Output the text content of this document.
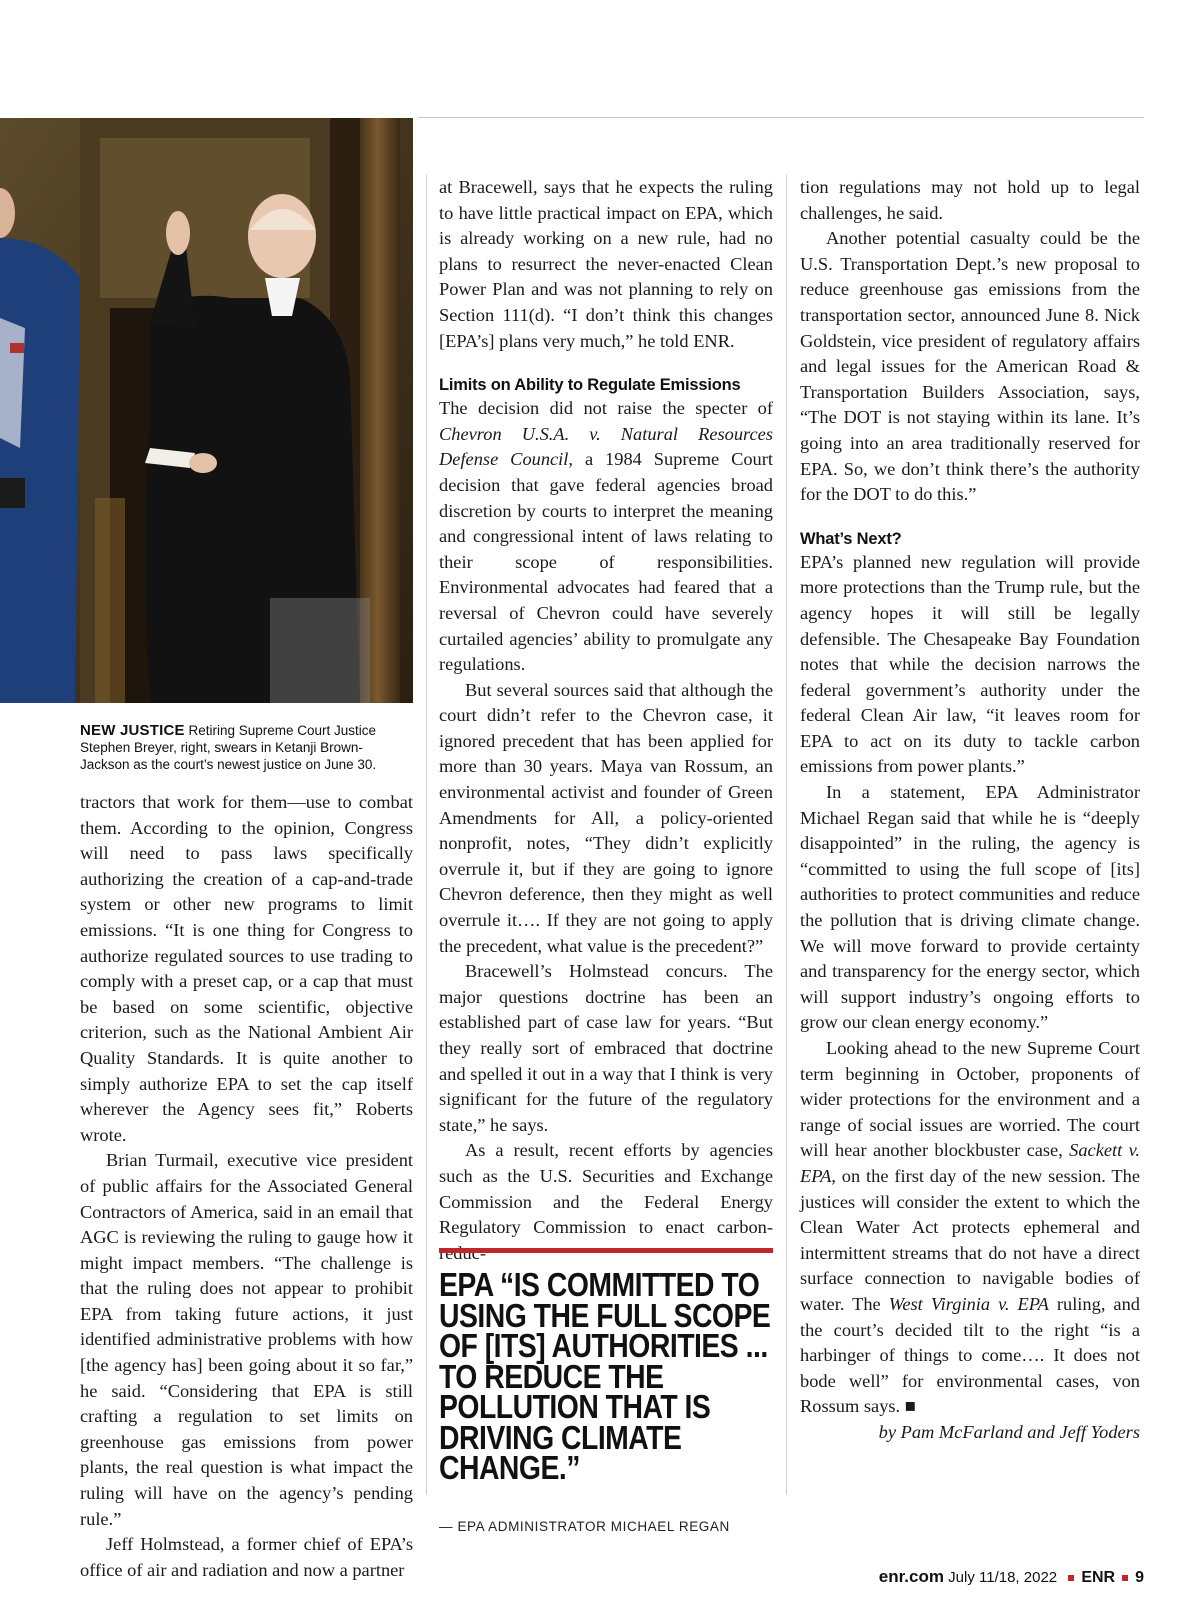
NEW JUSTICE Retiring Supreme Court Justice Stephen Breyer, right, swears in Ketanji Brown-Jackson as the court’s newest justice on June 30.

tractors that work for them—use to combat them. According to the opinion, Congress will need to pass laws specifically authorizing the creation of a cap-and-trade system or other new programs to limit emissions. “It is one thing for Congress to authorize regulated sources to use trading to comply with a preset cap, or a cap that must be based on some scientific, objective criterion, such as the National Ambient Air Quality Standards. It is quite another to simply authorize EPA to set the cap itself wherever the Agency sees fit,” Roberts wrote.

Brian Turmail, executive vice president of public affairs for the Associated General Contractors of America, said in an email that AGC is reviewing the ruling to gauge how it might impact members. “The challenge is that the ruling does not appear to prohibit EPA from taking future actions, it just identified administrative problems with how [the agency has] been going about it so far,” he said. “Considering that EPA is still crafting a regulation to set limits on greenhouse gas emissions from power plants, the real question is what impact the ruling will have on the agency’s pending rule.”

Jeff Holmstead, a former chief of EPA’s office of air and radiation and now a partner

at Bracewell, says that he expects the ruling to have little practical impact on EPA, which is already working on a new rule, had no plans to resurrect the never-enacted Clean Power Plan and was not planning to rely on Section 111(d). “I don’t think this changes [EPA’s] plans very much,” he told ENR.

Limits on Ability to Regulate Emissions

The decision did not raise the specter of Chevron U.S.A. v. Natural Resources Defense Council, a 1984 Supreme Court decision that gave federal agencies broad discretion by courts to interpret the meaning and congressional intent of laws relating to their scope of responsibilities. Environmental advocates had feared that a reversal of Chevron could have severely curtailed agencies’ ability to promulgate any regulations.

But several sources said that although the court didn’t refer to the Chevron case, it ignored precedent that has been applied for more than 30 years. Maya van Rossum, an environmental activist and founder of Green Amendments for All, a policy-oriented nonprofit, notes, “They didn’t explicitly overrule it, but if they are going to ignore Chevron deference, then they might as well overrule it…. If they are not going to apply the precedent, what value is the precedent?”

Bracewell’s Holmstead concurs. The major questions doctrine has been an established part of case law for years. “But they really sort of embraced that doctrine and spelled it out in a way that I think is very significant for the future of the regulatory state,” he says.

As a result, recent efforts by agencies such as the U.S. Securities and Exchange Commission and the Federal Energy Regulatory Commission to enact carbon-

EPA “IS COMMITTED TO USING THE FULL SCOPE OF [ITS] AUTHORITIES ... TO REDUCE THE POLLUTION THAT IS DRIVING CLIMATE CHANGE.”
— EPA ADMINISTRATOR MICHAEL REGAN

tion regulations may not hold up to legal challenges, he said.

Another potential casualty could be the U.S. Transportation Dept.’s new proposal to reduce greenhouse gas emissions from the transportation sector, announced June 8. Nick Goldstein, vice president of regulatory affairs and legal issues for the American Road & Transportation Builders Association, says, “The DOT is not staying within its lane. It’s going into an area traditionally reserved for EPA. So, we don’t think there’s the authority for the DOT to do this.”

What’s Next?

EPA’s planned new regulation will provide more protections than the Trump rule, but the agency hopes it will still be legally defensible. The Chesapeake Bay Foundation notes that while the decision narrows the federal government’s authority under the federal Clean Air law, “it leaves room for EPA to act on its duty to tackle carbon emissions from power plants.”

In a statement, EPA Administrator Michael Regan said that while he is “deeply disappointed” in the ruling, the agency is “committed to using the full scope of [its] authorities to protect communities and reduce the pollution that is driving climate change. We will move forward to provide certainty and transparency for the energy sector, which will support industry’s ongoing efforts to grow our clean energy economy.”

Looking ahead to the new Supreme Court term beginning in October, proponents of wider protections for the environment and a range of social issues are worried. The court will hear another blockbuster case, Sackett v. EPA, on the first day of the new session. The justices will consider the extent to which the Clean Water Act protects ephemeral and intermittent streams that do not have a direct surface connection to navigable bodies of water. The West Virginia v. EPA ruling, and the court’s decided tilt to the right “is a harbinger of things to come…. It does not bode well” for environmental cases, von Rossum says. ■

by Pam McFarland and Jeff Yoders

enr.com July 11/18, 2022 ENR 9
